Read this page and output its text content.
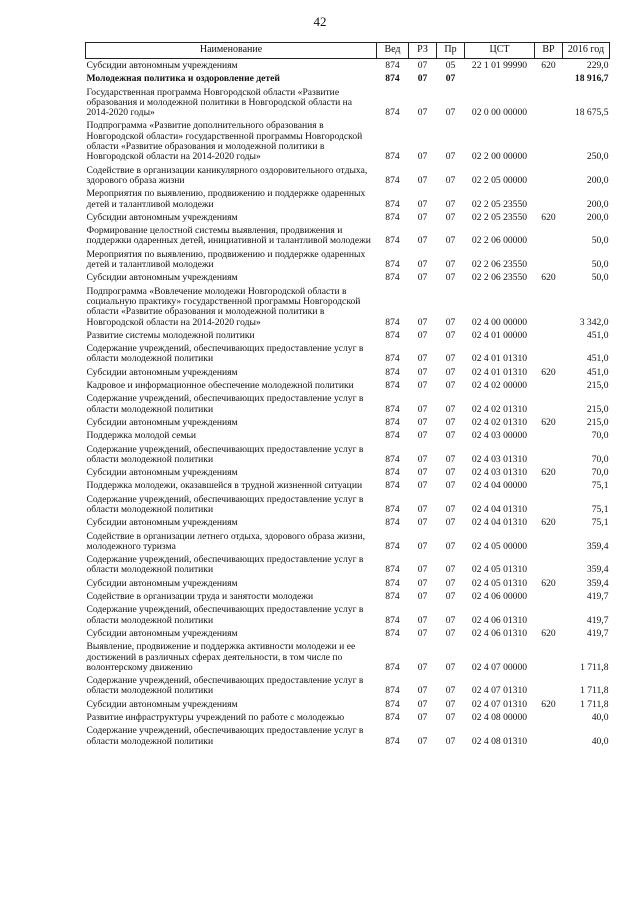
42
Наименование	Вед	РЗ	Пр	ЦСТ	ВР	2016 год
Субсидии автономным учреждениям	874	07	05	22 1 01 99990	620	229,0
Молодежная политика и оздоровление детей	874	07	07			18 916,7
Государственная программа Новгородской области «Развитие образования и молодежной политики в Новгородской области на 2014-2020 годы»	874	07	07	02 0 00 00000		18 675,5
Подпрограмма «Развитие дополнительного образования в Новгородской области» государственной программы Новгородской области «Развитие образования и молодежной политики в Новгородской области на 2014-2020 годы»	874	07	07	02 2 00 00000		250,0
Содействие в организации каникулярного оздоровительного отдыха, здорового образа жизни	874	07	07	02 2 05 00000		200,0
Мероприятия по выявлению, продвижению и поддержке одаренных детей и талантливой молодежи	874	07	07	02 2 05 23550		200,0
Субсидии автономным учреждениям	874	07	07	02 2 05 23550	620	200,0
Формирование целостной системы выявления, продвижения и поддержки одаренных детей, инициативной и талантливой молодежи	874	07	07	02 2 06 00000		50,0
Мероприятия по выявлению, продвижению и поддержке одаренных детей и талантливой молодежи	874	07	07	02 2 06 23550		50,0
Субсидии автономным учреждениям	874	07	07	02 2 06 23550	620	50,0
Подпрограмма «Вовлечение молодежи Новгородской области в социальную практику» государственной программы Новгородской области «Развитие образования и молодежной политики в Новгородской области на 2014-2020 годы»	874	07	07	02 4 00 00000		3 342,0
Развитие системы молодежной политики	874	07	07	02 4 01 00000		451,0
Содержание учреждений, обеспечивающих предоставление услуг в области молодежной политики	874	07	07	02 4 01 01310		451,0
Субсидии автономным учреждениям	874	07	07	02 4 01 01310	620	451,0
Кадровое и информационное обеспечение молодежной политики	874	07	07	02 4 02 00000		215,0
Содержание учреждений, обеспечивающих предоставление услуг в области молодежной политики	874	07	07	02 4 02 01310		215,0
Субсидии автономным учреждениям	874	07	07	02 4 02 01310	620	215,0
Поддержка молодой семьи	874	07	07	02 4 03 00000		70,0
Содержание учреждений, обеспечивающих предоставление услуг в области молодежной политики	874	07	07	02 4 03 01310		70,0
Субсидии автономным учреждениям	874	07	07	02 4 03 01310	620	70,0
Поддержка молодежи, оказавшейся в трудной жизненной ситуации	874	07	07	02 4 04 00000		75,1
Содержание учреждений, обеспечивающих предоставление услуг в области молодежной политики	874	07	07	02 4 04 01310		75,1
Субсидии автономным учреждениям	874	07	07	02 4 04 01310	620	75,1
Содействие в организации летнего отдыха, здорового образа жизни, молодежного туризма	874	07	07	02 4 05 00000		359,4
Содержание учреждений, обеспечивающих предоставление услуг в области молодежной политики	874	07	07	02 4 05 01310		359,4
Субсидии автономным учреждениям	874	07	07	02 4 05 01310	620	359,4
Содействие в организации труда и занятости молодежи	874	07	07	02 4 06 00000		419,7
Содержание учреждений, обеспечивающих предоставление услуг в области молодежной политики	874	07	07	02 4 06 01310		419,7
Субсидии автономным учреждениям	874	07	07	02 4 06 01310	620	419,7
Выявление, продвижение и поддержка активности молодежи и ее достижений в различных сферах деятельности, в том числе по волонтерскому движению	874	07	07	02 4 07 00000		1 711,8
Содержание учреждений, обеспечивающих предоставление услуг в области молодежной политики	874	07	07	02 4 07 01310		1 711,8
Субсидии автономным учреждениям	874	07	07	02 4 07 01310	620	1 711,8
Развитие инфраструктуры учреждений по работе с молодежью	874	07	07	02 4 08 00000		40,0
Содержание учреждений, обеспечивающих предоставление услуг в области молодежной политики	874	07	07	02 4 08 01310		40,0
